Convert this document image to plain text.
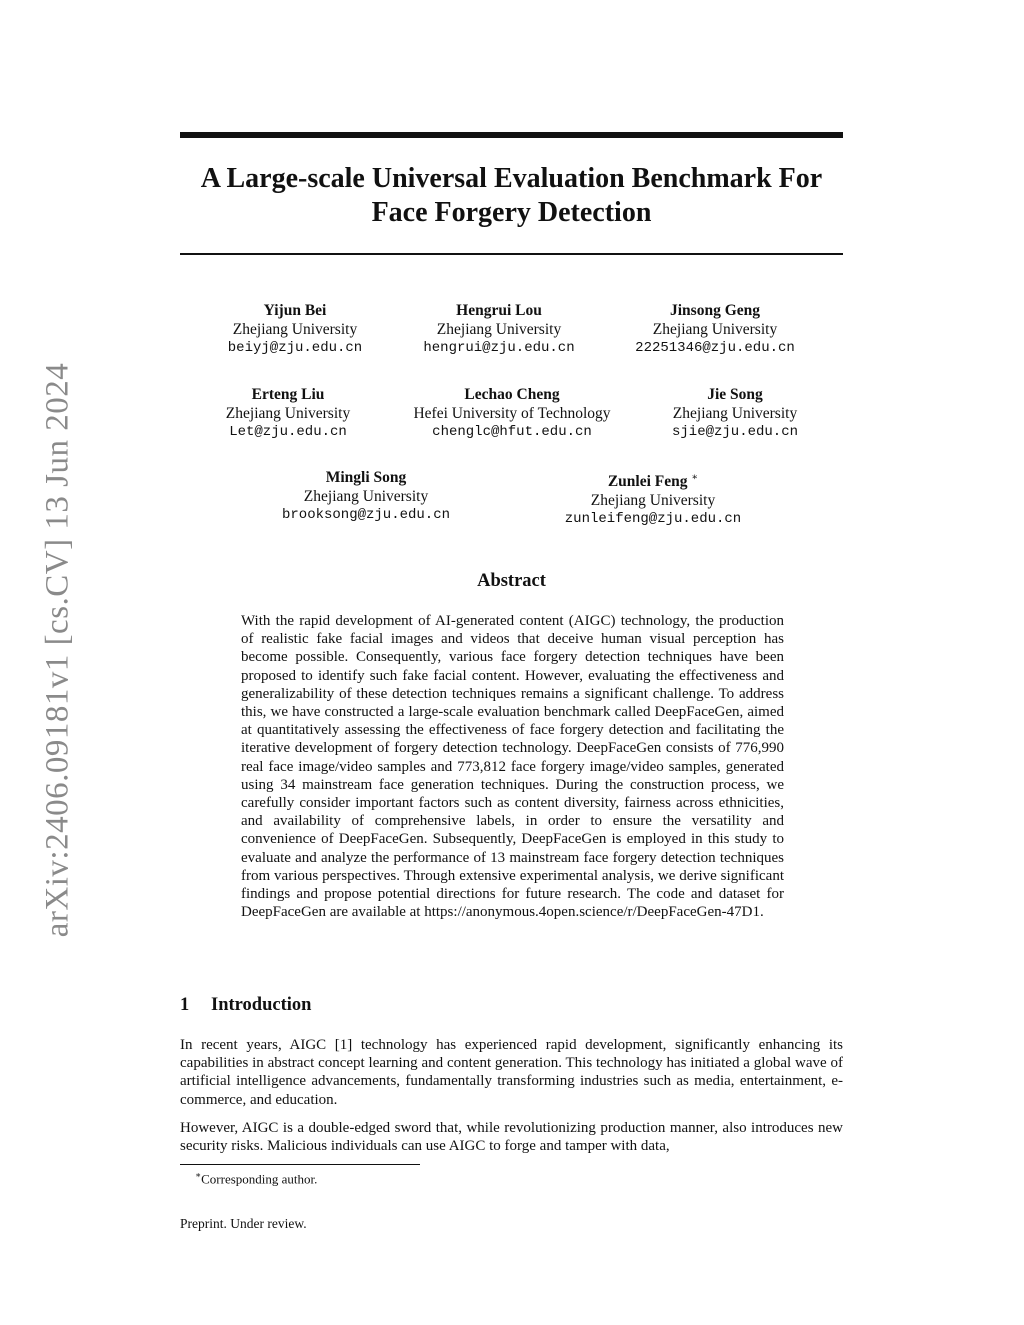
arXiv:2406.09181v1 [cs.CV] 13 Jun 2024
A Large-scale Universal Evaluation Benchmark For
Face Forgery Detection
Yijun Bei
Zhejiang University
beiyj@zju.edu.cn
Hengrui Lou
Zhejiang University
hengrui@zju.edu.cn
Jinsong Geng
Zhejiang University
22251346@zju.edu.cn
Erteng Liu
Zhejiang University
Let@zju.edu.cn
Lechao Cheng
Hefei University of Technology
chenglc@hfut.edu.cn
Jie Song
Zhejiang University
sjie@zju.edu.cn
Mingli Song
Zhejiang University
brooksong@zju.edu.cn
Zunlei Feng ∗
Zhejiang University
zunleifeng@zju.edu.cn
Abstract
With the rapid development of AI-generated content (AIGC) technology, the production of realistic fake facial images and videos that deceive human visual perception has become possible. Consequently, various face forgery detection techniques have been proposed to identify such fake facial content. However, evaluating the effectiveness and generalizability of these detection techniques remains a significant challenge. To address this, we have constructed a large-scale evaluation benchmark called DeepFaceGen, aimed at quantitatively assessing the effectiveness of face forgery detection and facilitating the iterative development of forgery detection technology. DeepFaceGen consists of 776,990 real face image/video samples and 773,812 face forgery image/video samples, generated using 34 mainstream face generation techniques. During the construction process, we carefully consider important factors such as content diversity, fairness across ethnicities, and availability of comprehensive labels, in order to ensure the versatility and convenience of DeepFaceGen. Subsequently, DeepFaceGen is employed in this study to evaluate and analyze the performance of 13 mainstream face forgery detection techniques from various perspectives. Through extensive experimental analysis, we derive significant findings and propose potential directions for future research. The code and dataset for DeepFaceGen are available at https://anonymous.4open.science/r/DeepFaceGen-47D1.
1 Introduction
In recent years, AIGC [1] technology has experienced rapid development, significantly enhancing its capabilities in abstract concept learning and content generation. This technology has initiated a global wave of artificial intelligence advancements, fundamentally transforming industries such as media, entertainment, e-commerce, and education.
However, AIGC is a double-edged sword that, while revolutionizing production manner, also introduces new security risks. Malicious individuals can use AIGC to forge and tamper with data,
∗Corresponding author.
Preprint. Under review.
